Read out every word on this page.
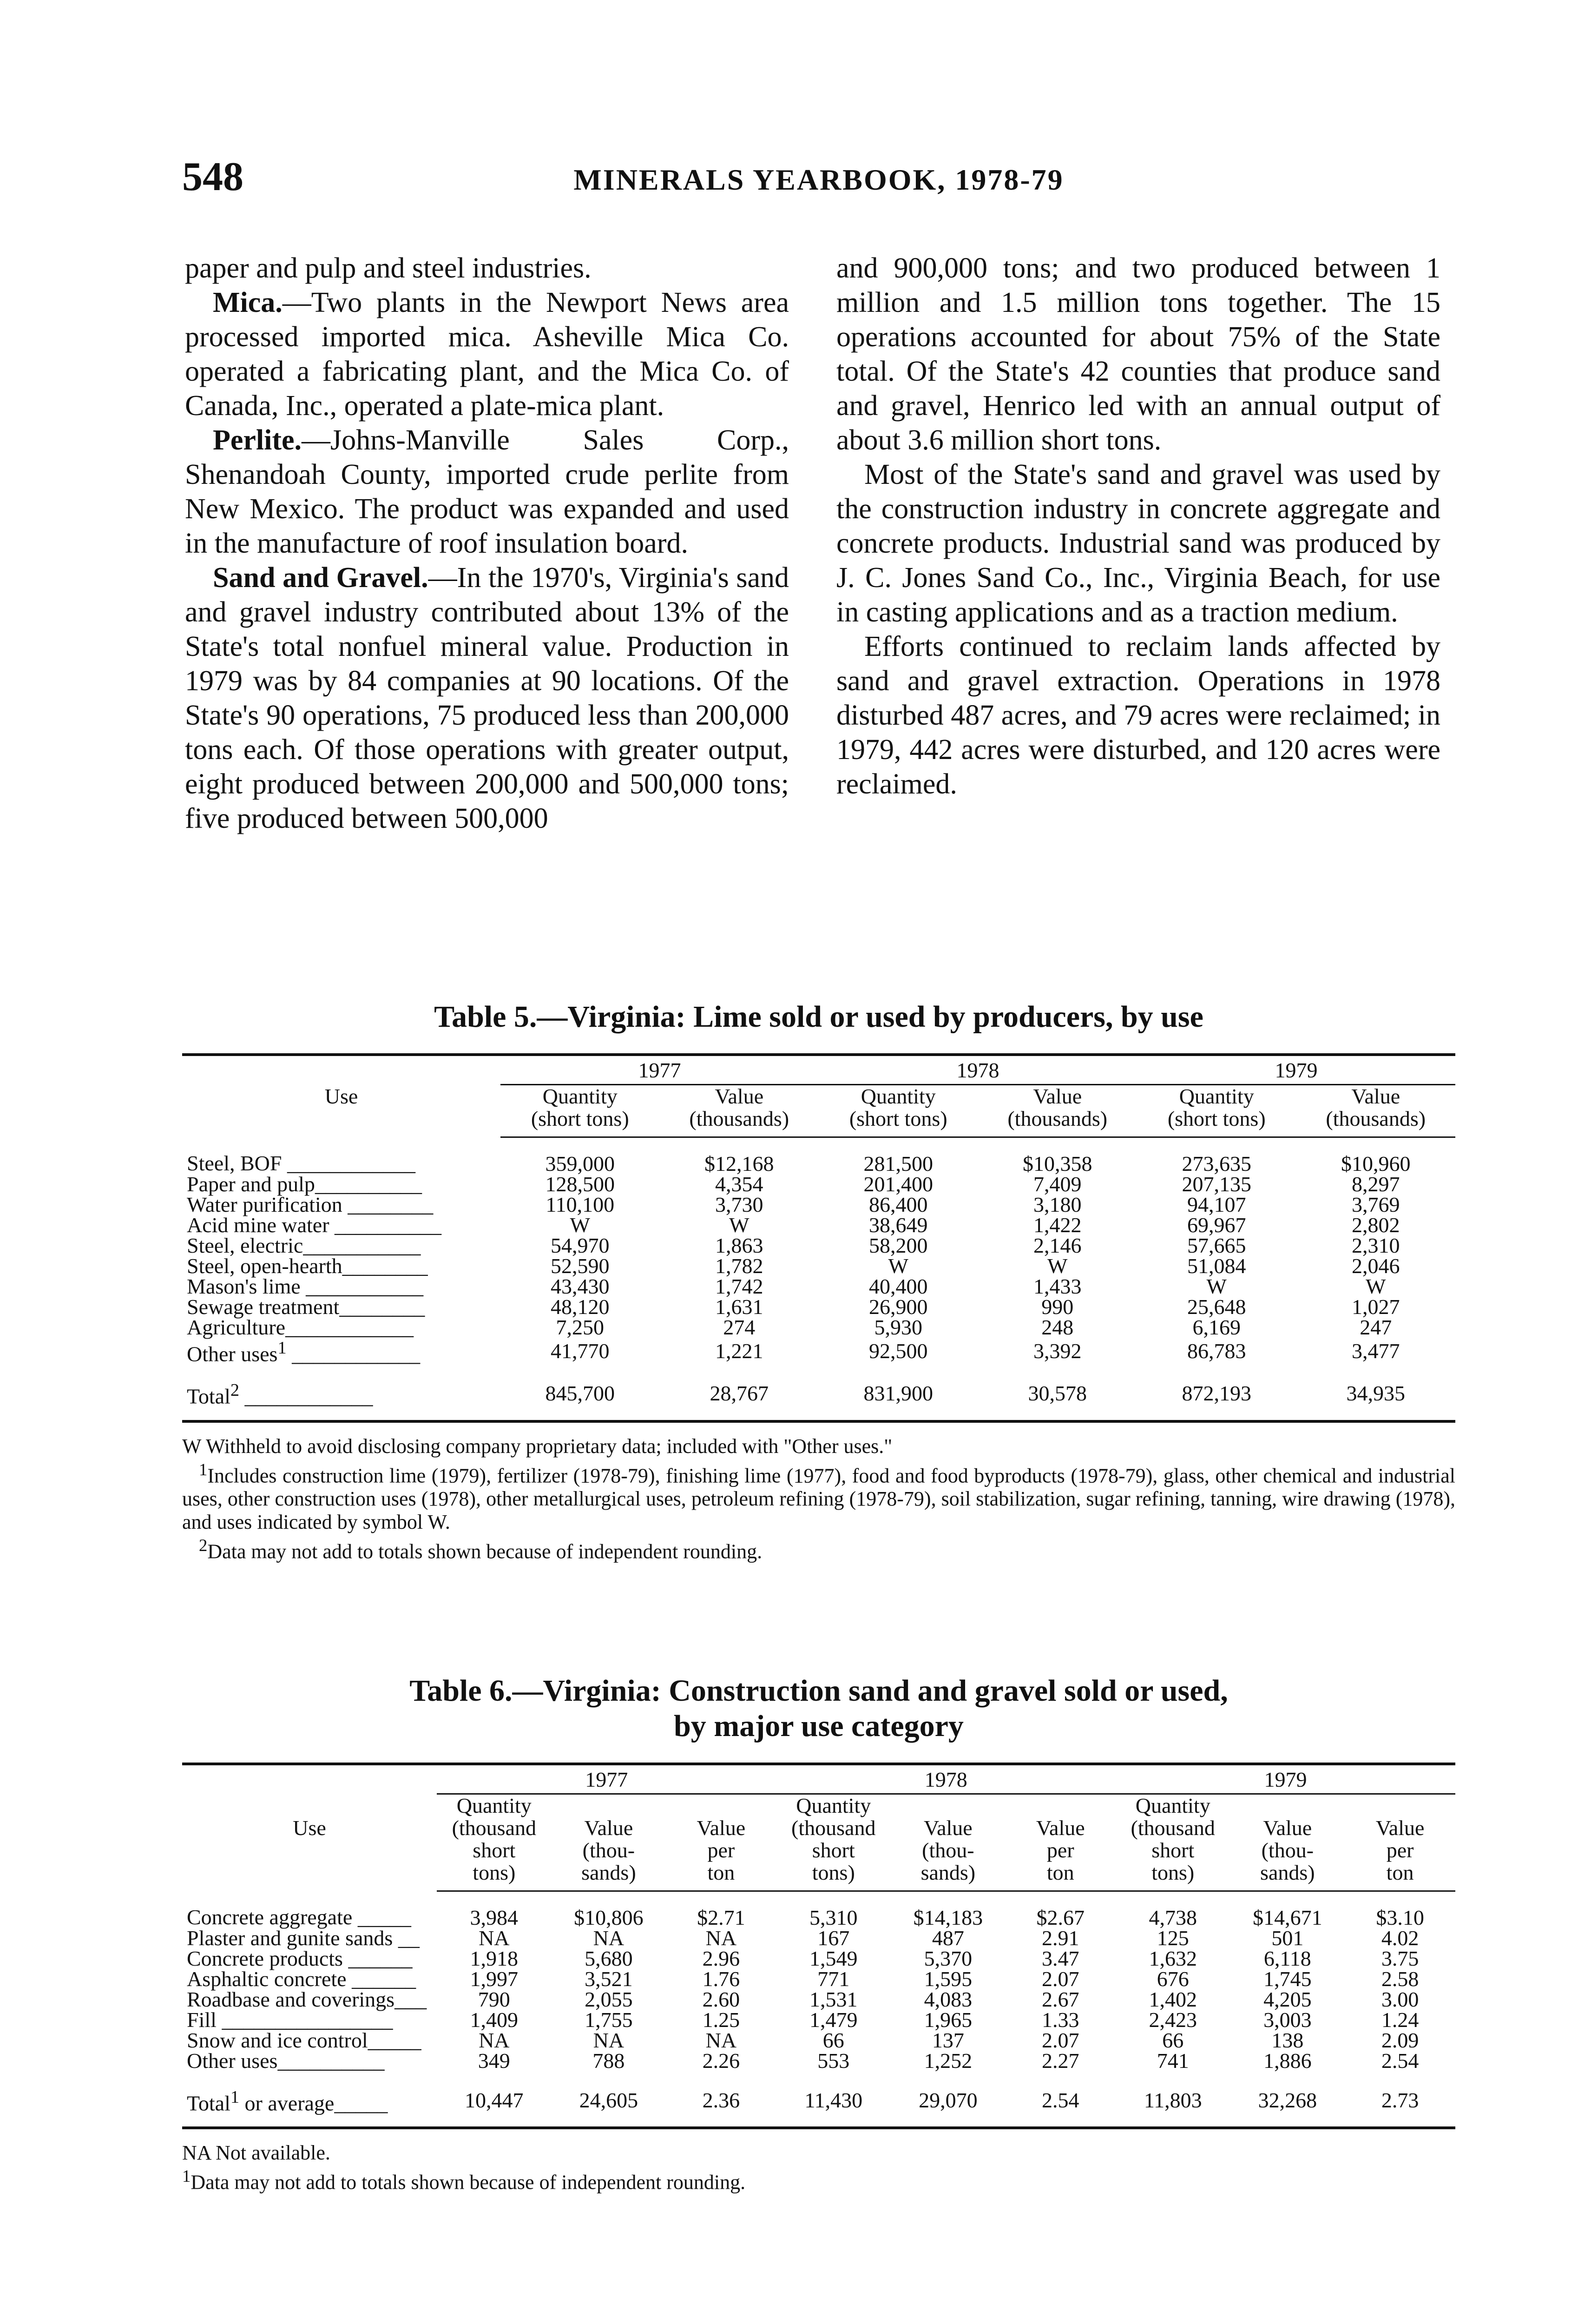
548	MINERALS YEARBOOK, 1978-79

paper and pulp and steel industries.

Mica.—Two plants in the Newport News area processed imported mica. Asheville Mica Co. operated a fabricating plant, and the Mica Co. of Canada, Inc., operated a plate-mica plant.

Perlite.—Johns-Manville Sales Corp., Shenandoah County, imported crude perlite from New Mexico. The product was expanded and used in the manufacture of roof insulation board.

Sand and Gravel.—In the 1970's, Virginia's sand and gravel industry contributed about 13% of the State's total nonfuel mineral value. Production in 1979 was by 84 companies at 90 locations. Of the State's 90 operations, 75 produced less than 200,000 tons each. Of those operations with greater output, eight produced between 200,000 and 500,000 tons; five produced between 500,000

and 900,000 tons; and two produced between 1 million and 1.5 million tons together. The 15 operations accounted for about 75% of the State total. Of the State's 42 counties that produce sand and gravel, Henrico led with an annual output of about 3.6 million short tons.

Most of the State's sand and gravel was used by the construction industry in concrete aggregate and concrete products. Industrial sand was produced by J. C. Jones Sand Co., Inc., Virginia Beach, for use in casting applications and as a traction medium.

Efforts continued to reclaim lands affected by sand and gravel extraction. Operations in 1978 disturbed 487 acres, and 79 acres were reclaimed; in 1979, 442 acres were disturbed, and 120 acres were reclaimed.

Table 5.—Virginia: Lime sold or used by producers, by use
Use	1977		1978		1979	
	Quantity
(short tons)	Value
(thousands)	Quantity
(short tons)	Value
(thousands)	Quantity
(short tons)	Value
(thousands)
Steel, BOF ____________	359,000	$12,168	281,500	$10,358	273,635	$10,960
Paper and pulp__________	128,500	4,354	201,400	7,409	207,135	8,297
Water purification ________	110,100	3,730	86,400	3,180	94,107	3,769
Acid mine water __________	W	W	38,649	1,422	69,967	2,802
Steel, electric___________	54,970	1,863	58,200	2,146	57,665	2,310
Steel, open-hearth________	52,590	1,782	W	W	51,084	2,046
Mason's lime ___________	43,430	1,742	40,400	1,433	W	W
Sewage treatment________	48,120	1,631	26,900	990	25,648	1,027
Agriculture____________	7,250	274	5,930	248	6,169	247
Other uses$^1$ ____________	41,770	1,221	92,500	3,392	86,783	3,477
Total$^2$ ____________	845,700	28,767	831,900	30,578	872,193	34,935

W Withheld to avoid disclosing company proprietary data; included with "Other uses."

$^1$Includes construction lime (1979), fertilizer (1978-79), finishing lime (1977), food and food byproducts (1978-79), glass, other chemical and industrial uses, other construction uses (1978), other metallurgical uses, petroleum refining (1978-79), soil stabilization, sugar refining, tanning, wire drawing (1978), and uses indicated by symbol W.

$^2$Data may not add to totals shown because of independent rounding.

Table 6.—Virginia: Construction sand and gravel sold or used,
by major use category
Use	1977			1978			1979		
	Quantity
(thousand
short
tons)	Value
(thou-
sands)	Value
per
ton	Quantity
(thousand
short
tons)	Value
(thou-
sands)	Value
per
ton	Quantity
(thousand
short
tons)	Value
(thou-
sands)	Value
per
ton
Concrete aggregate _____	3,984	$10,806	$2.71	5,310	$14,183	$2.67	4,738	$14,671	$3.10
Plaster and gunite sands __	NA	NA	NA	167	487	2.91	125	501	4.02
Concrete products ______	1,918	5,680	2.96	1,549	5,370	3.47	1,632	6,118	3.75
Asphaltic concrete ______	1,997	3,521	1.76	771	1,595	2.07	676	1,745	2.58
Roadbase and coverings___	790	2,055	2.60	1,531	4,083	2.67	1,402	4,205	3.00
Fill ________________	1,409	1,755	1.25	1,479	1,965	1.33	2,423	3,003	1.24
Snow and ice control_____	NA	NA	NA	66	137	2.07	66	138	2.09
Other uses__________	349	788	2.26	553	1,252	2.27	741	1,886	2.54
Total$^1$ or average_____	10,447	24,605	2.36	11,430	29,070	2.54	11,803	32,268	2.73

NA Not available.

$^1$Data may not add to totals shown because of independent rounding.
